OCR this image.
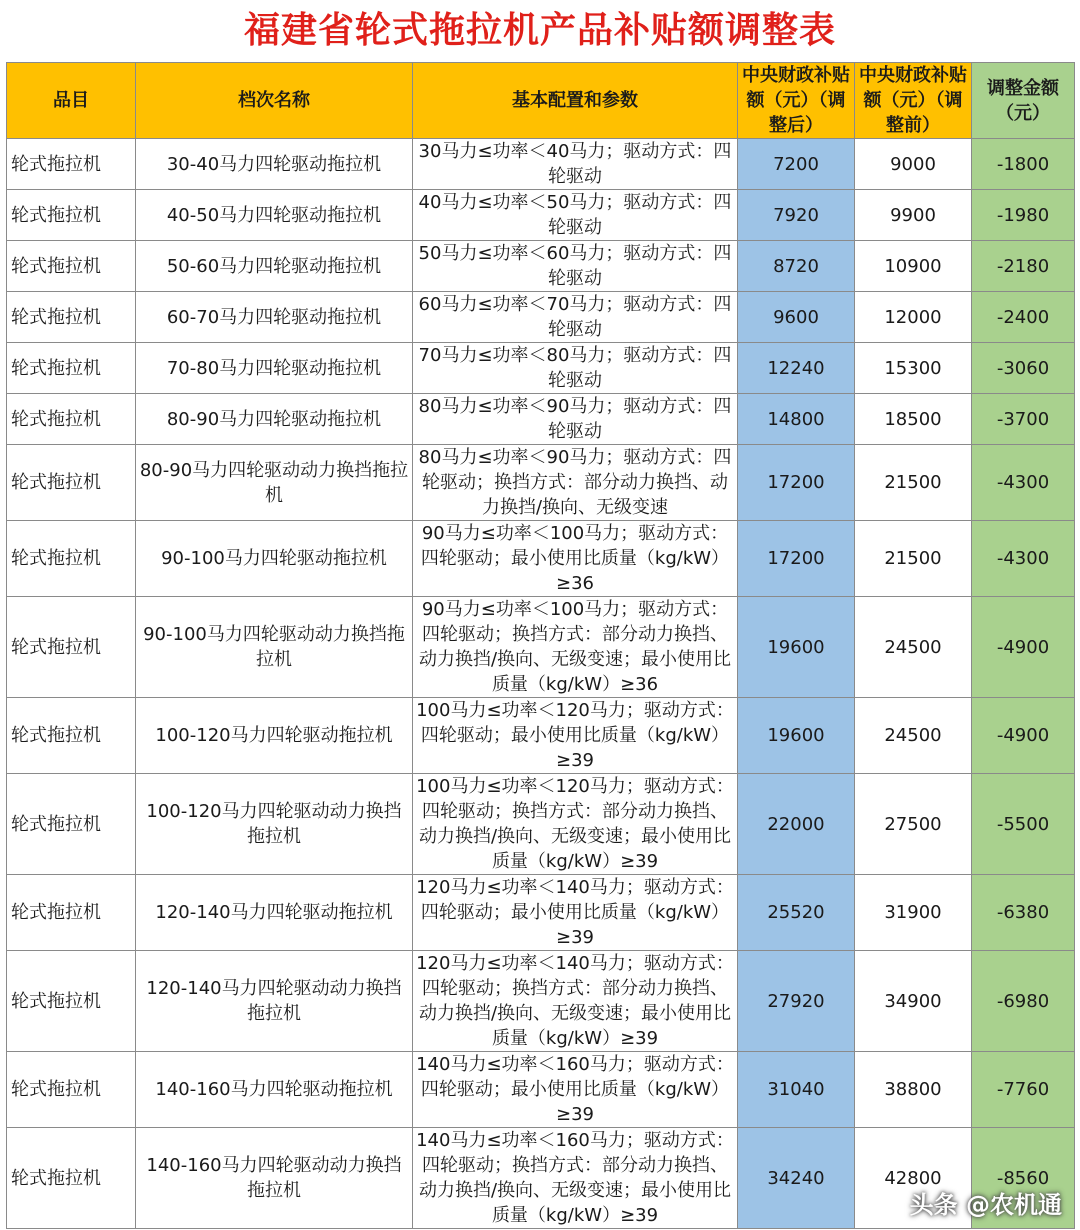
福建省轮式拖拉机产品补贴额调整表
品目	档次名称	基本配置和参数	中央财政补贴额（元）（调整后）	中央财政补贴额（元）（调整前）	调整金额（元）
轮式拖拉机	30-40马力四轮驱动拖拉机	30马力≤功率＜40马力；驱动方式：四轮驱动	7200	9000	-1800
轮式拖拉机	40-50马力四轮驱动拖拉机	40马力≤功率＜50马力；驱动方式：四轮驱动	7920	9900	-1980
轮式拖拉机	50-60马力四轮驱动拖拉机	50马力≤功率＜60马力；驱动方式：四轮驱动	8720	10900	-2180
轮式拖拉机	60-70马力四轮驱动拖拉机	60马力≤功率＜70马力；驱动方式：四轮驱动	9600	12000	-2400
轮式拖拉机	70-80马力四轮驱动拖拉机	70马力≤功率＜80马力；驱动方式：四轮驱动	12240	15300	-3060
轮式拖拉机	80-90马力四轮驱动拖拉机	80马力≤功率＜90马力；驱动方式：四轮驱动	14800	18500	-3700
轮式拖拉机	80-90马力四轮驱动动力换挡拖拉机	80马力≤功率＜90马力；驱动方式：四轮驱动；换挡方式：部分动力换挡、动力换挡/换向、无级变速	17200	21500	-4300
轮式拖拉机	90-100马力四轮驱动拖拉机	90马力≤功率＜100马力；驱动方式：四轮驱动；最小使用比质量（kg/kW）≥36	17200	21500	-4300
轮式拖拉机	90-100马力四轮驱动动力换挡拖拉机	90马力≤功率＜100马力；驱动方式：四轮驱动；换挡方式：部分动力换挡、动力换挡/换向、无级变速；最小使用比质量（kg/kW）≥36	19600	24500	-4900
轮式拖拉机	100-120马力四轮驱动拖拉机	100马力≤功率＜120马力；驱动方式：四轮驱动；最小使用比质量（kg/kW）≥39	19600	24500	-4900
轮式拖拉机	100-120马力四轮驱动动力换挡拖拉机	100马力≤功率＜120马力；驱动方式：四轮驱动；换挡方式：部分动力换挡、动力换挡/换向、无级变速；最小使用比质量（kg/kW）≥39	22000	27500	-5500
轮式拖拉机	120-140马力四轮驱动拖拉机	120马力≤功率＜140马力；驱动方式：四轮驱动；最小使用比质量（kg/kW）≥39	25520	31900	-6380
轮式拖拉机	120-140马力四轮驱动动力换挡拖拉机	120马力≤功率＜140马力；驱动方式：四轮驱动；换挡方式：部分动力换挡、动力换挡/换向、无级变速；最小使用比质量（kg/kW）≥39	27920	34900	-6980
轮式拖拉机	140-160马力四轮驱动拖拉机	140马力≤功率＜160马力；驱动方式：四轮驱动；最小使用比质量（kg/kW）≥39	31040	38800	-7760
轮式拖拉机	140-160马力四轮驱动动力换挡拖拉机	140马力≤功率＜160马力；驱动方式：四轮驱动；换挡方式：部分动力换挡、动力换挡/换向、无级变速；最小使用比质量（kg/kW）≥39	34240	42800	-8560
头条 @农机通
